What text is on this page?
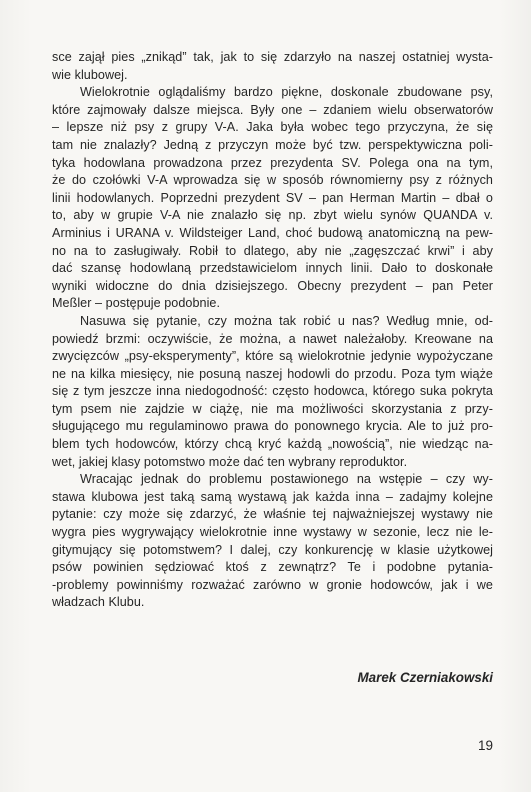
sce zajął pies „znikąd” tak, jak to się zdarzyło na naszej ostatniej wysta-
wie klubowej.
Wielokrotnie oglądaliśmy bardzo piękne, doskonale zbudowane psy,
które zajmowały dalsze miejsca. Były one – zdaniem wielu obserwatorów
– lepsze niż psy z grupy V-A. Jaka była wobec tego przyczyna, że się
tam nie znalazły? Jedną z przyczyn może być tzw. perspektywiczna poli-
tyka hodowlana prowadzona przez prezydenta SV. Polega ona na tym,
że do czołówki V-A wprowadza się w sposób równomierny psy z różnych
linii hodowlanych. Poprzedni prezydent SV – pan Herman Martin – dbał o
to, aby w grupie V-A nie znalazło się np. zbyt wielu synów QUANDA v.
Arminius i URANA v. Wildsteiger Land, choć budową anatomiczną na pew-
no na to zasługiwały. Robił to dlatego, aby nie „zagęszczać krwi” i aby
dać szansę hodowlaną przedstawicielom innych linii. Dało to doskonałe
wyniki widoczne do dnia dzisiejszego. Obecny prezydent – pan Peter
Meßler – postępuje podobnie.
Nasuwa się pytanie, czy można tak robić u nas? Według mnie, od-
powiedź brzmi: oczywiście, że można, a nawet należałoby. Kreowane na
zwycięzców „psy-eksperymenty”, które są wielokrotnie jedynie wypożyczane
ne na kilka miesięcy, nie posuną naszej hodowli do przodu. Poza tym wiąże
się z tym jeszcze inna niedogodność: często hodowca, którego suka pokryta
tym psem nie zajdzie w ciążę, nie ma możliwości skorzystania z przy-
sługującego mu regulaminowo prawa do ponownego krycia. Ale to już pro-
blem tych hodowców, którzy chcą kryć każdą „nowością”, nie wiedząc na-
wet, jakiej klasy potomstwo może dać ten wybrany reproduktor.
Wracając jednak do problemu postawionego na wstępie – czy wy-
stawa klubowa jest taką samą wystawą jak każda inna – zadajmy kolejne
pytanie: czy może się zdarzyć, że właśnie tej najważniejszej wystawy nie
wygra pies wygrywający wielokrotnie inne wystawy w sezonie, lecz nie le-
gitymujący się potomstwem? I dalej, czy konkurencję w klasie użytkowej
psów powinien sędziować ktoś z zewnątrz? Te i podobne pytania-
-problemy powinniśmy rozważać zarówno w gronie hodowców, jak i we
władzach Klubu.
Marek Czerniakowski
19
